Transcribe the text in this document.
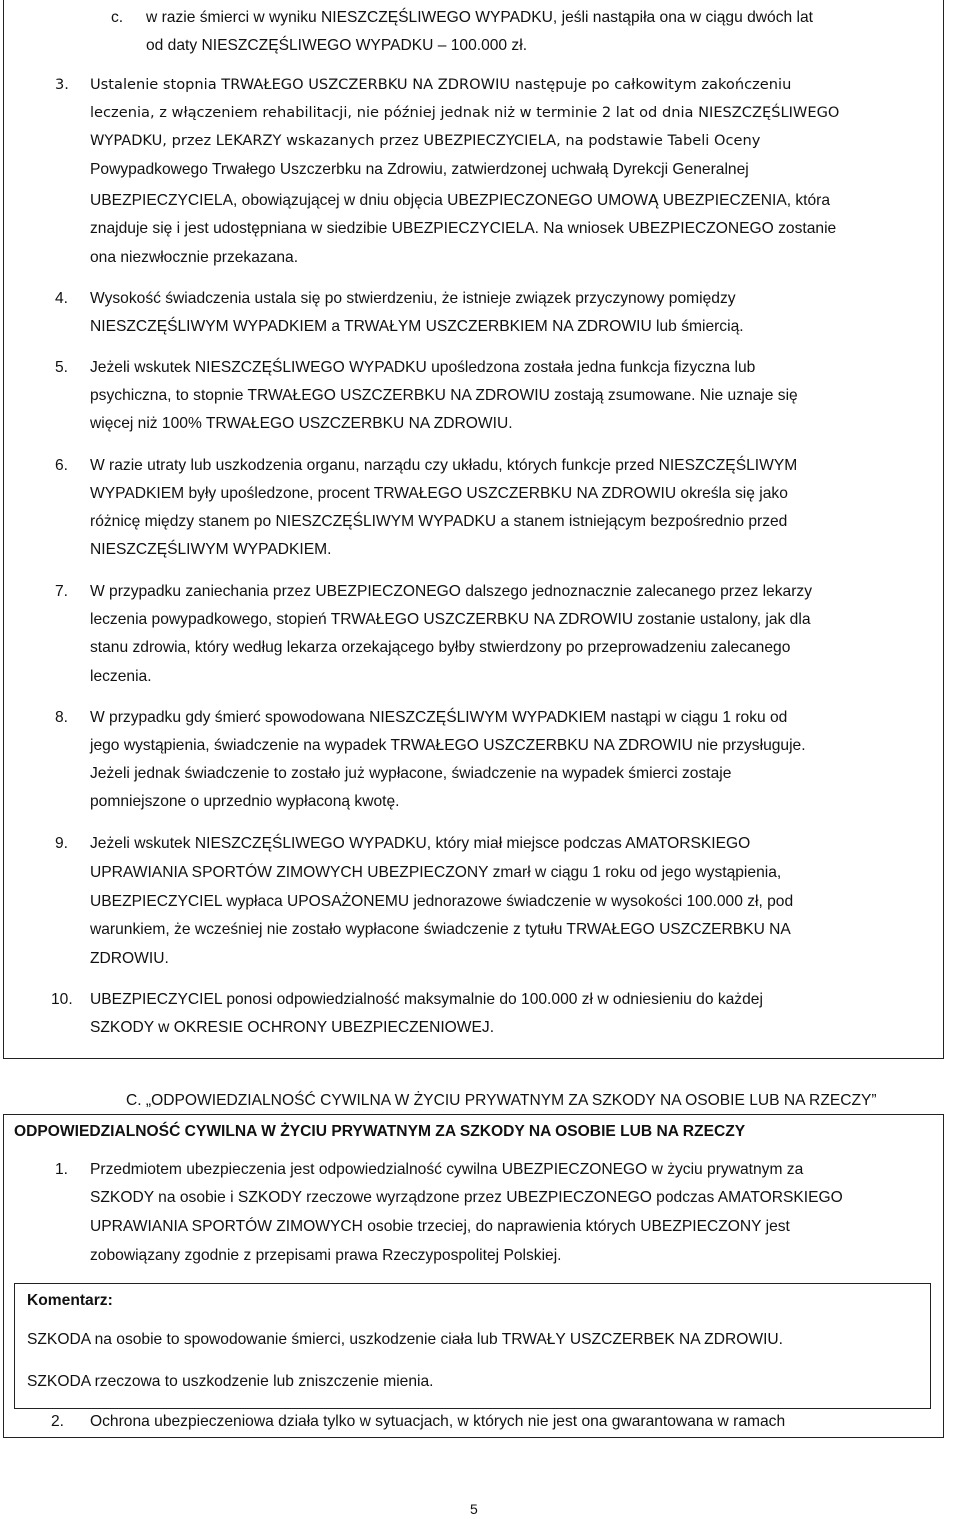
c. w razie śmierci w wyniku NIESZCZĘŚLIWEGO WYPADKU, jeśli nastąpiła ona w ciągu dwóch lat
od daty NIESZCZĘŚLIWEGO WYPADKU – 100.000 zł.
3. Ustalenie stopnia TRWAŁEGO USZCZERBKU NA ZDROWIU następuje po całkowitym zakończeniu
leczenia, z włączeniem rehabilitacji, nie później jednak niż w terminie 2 lat od dnia NIESZCZĘŚLIWEGO
WYPADKU, przez LEKARZY wskazanych przez UBEZPIECZYCIELA, na podstawie Tabeli Oceny
Powypadkowego Trwałego Uszczerbku na Zdrowiu, zatwierdzonej uchwałą Dyrekcji Generalnej
UBEZPIECZYCIELA, obowiązującej w dniu objęcia UBEZPIECZONEGO UMOWĄ UBEZPIECZENIA, która
znajduje się i jest udostępniana w siedzibie UBEZPIECZYCIELA. Na wniosek UBEZPIECZONEGO zostanie
ona niezwłocznie przekazana.
4. Wysokość świadczenia ustala się po stwierdzeniu, że istnieje związek przyczynowy pomiędzy
NIESZCZĘŚLIWYM WYPADKIEM a TRWAŁYM USZCZERBKIEM NA ZDROWIU lub śmiercią.
5. Jeżeli wskutek NIESZCZĘŚLIWEGO WYPADKU upośledzona została jedna funkcja fizyczna lub
psychiczna, to stopnie TRWAŁEGO USZCZERBKU NA ZDROWIU zostają zsumowane. Nie uznaje się
więcej niż 100% TRWAŁEGO USZCZERBKU NA ZDROWIU.
6. W razie utraty lub uszkodzenia organu, narządu czy układu, których funkcje przed NIESZCZĘŚLIWYM
WYPADKIEM były upośledzone, procent TRWAŁEGO USZCZERBKU NA ZDROWIU określa się jako
różnicę między stanem po NIESZCZĘŚLIWYM WYPADKU a stanem istniejącym bezpośrednio przed
NIESZCZĘŚLIWYM WYPADKIEM.
7. W przypadku zaniechania przez UBEZPIECZONEGO dalszego jednoznacznie zalecanego przez lekarzy
leczenia powypadkowego, stopień TRWAŁEGO USZCZERBKU NA ZDROWIU zostanie ustalony, jak dla
stanu zdrowia, który według lekarza orzekającego byłby stwierdzony po przeprowadzeniu zalecanego
leczenia.
8. W przypadku gdy śmierć spowodowana NIESZCZĘŚLIWYM WYPADKIEM nastąpi w ciągu 1 roku od
jego wystąpienia, świadczenie na wypadek TRWAŁEGO USZCZERBKU NA ZDROWIU nie przysługuje.
Jeżeli jednak świadczenie to zostało już wypłacone, świadczenie na wypadek śmierci zostaje
pomniejszone o uprzednio wypłaconą kwotę.
9. Jeżeli wskutek NIESZCZĘŚLIWEGO WYPADKU, który miał miejsce podczas AMATORSKIEGO
UPRAWIANIA SPORTÓW ZIMOWYCH UBEZPIECZONY zmarł w ciągu 1 roku od jego wystąpienia,
UBEZPIECZYCIEL wypłaca UPOSAŻONEMU jednorazowe świadczenie w wysokości 100.000 zł, pod
warunkiem, że wcześniej nie zostało wypłacone świadczenie z tytułu TRWAŁEGO USZCZERBKU NA
ZDROWIU.
10. UBEZPIECZYCIEL ponosi odpowiedzialność maksymalnie do 100.000 zł w odniesieniu do każdej
SZKODY w OKRESIE OCHRONY UBEZPIECZENIOWEJ.
C. „ODPOWIEDZIALNOŚĆ CYWILNA W ŻYCIU PRYWATNYM ZA SZKODY NA OSOBIE LUB NA RZECZY”
ODPOWIEDZIALNOŚĆ CYWILNA W ŻYCIU PRYWATNYM ZA SZKODY NA OSOBIE LUB NA RZECZY
1. Przedmiotem ubezpieczenia jest odpowiedzialność cywilna UBEZPIECZONEGO w życiu prywatnym za
SZKODY na osobie i SZKODY rzeczowe wyrządzone przez UBEZPIECZONEGO podczas AMATORSKIEGO
UPRAWIANIA SPORTÓW ZIMOWYCH osobie trzeciej, do naprawienia których UBEZPIECZONY jest
zobowiązany zgodnie z przepisami prawa Rzeczypospolitej Polskiej.
Komentarz:
SZKODA na osobie to spowodowanie śmierci, uszkodzenie ciała lub TRWAŁY USZCZERBEK NA ZDROWIU.
SZKODA rzeczowa to uszkodzenie lub zniszczenie mienia.
2. Ochrona ubezpieczeniowa działa tylko w sytuacjach, w których nie jest ona gwarantowana w ramach
5
